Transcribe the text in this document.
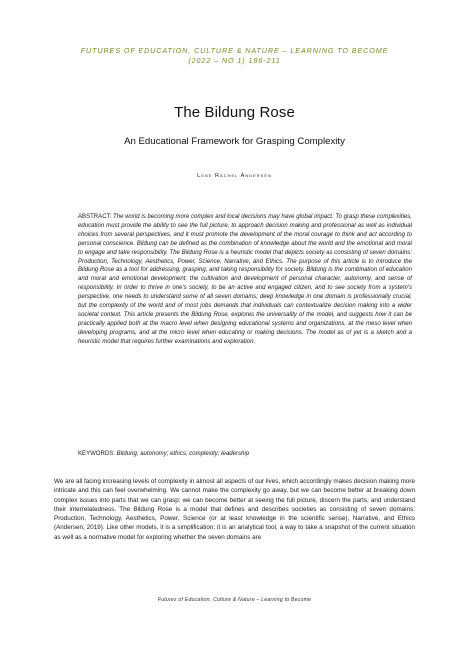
FUTURES OF EDUCATION, CULTURE & NATURE – LEARNING TO BECOME
(2022 – NO 1) 186-211
The Bildung Rose
An Educational Framework for Grasping Complexity
Lene Rachel Andersen
ABSTRACT: The world is becoming more complex and local decisions may have global impact. To grasp these complexities, education must provide the ability to see the full picture, to approach decision making and professional as well as individual choices from several perspectives, and it must promote the development of the moral courage to think and act according to personal conscience. Bildung can be defined as the combination of knowledge about the world and the emotional and moral to engage and take responsibility. The Bildung Rose is a heuristic model that depicts society as consisting of seven domains: Production, Technology, Aesthetics, Power, Science, Narrative, and Ethics. The purpose of this article is to introduce the Bildung Rose as a tool for addressing, grasping, and taking responsibility for society. Bildung is the combination of education and moral and emotional development; the cultivation and development of personal character, autonomy, and sense of responsibility. In order to thrive in one's society, to be an active and engaged citizen, and to see society from a system's perspective, one needs to understand some of all seven domains; deep knowledge in one domain is professionally crucial, but the complexity of the world and of most jobs demands that individuals can contextualize decision making into a wider societal context. This article presents the Bildung Rose, explores the universality of the model, and suggests how it can be practically applied both at the macro level when designing educational systems and organizations, at the meso level when developing programs, and at the micro level when educating or making decisions. The model as of yet is a sketch and a heuristic model that requires further examinations and exploration.
KEYWORDS: Bildung; autonomy; ethics; complexity; leadership
We are all facing increasing levels of complexity in almost all aspects of our lives, which accordingly makes decision making more intricate and this can feel overwhelming. We cannot make the complexity go away, but we can become better at breaking down complex issues into parts that we can grasp; we can become better at seeing the full picture, discern the parts, and understand their interrelatedness. The Bildung Rose is a model that defines and describes societies as consisting of seven domains: Production, Technology, Aesthetics, Power, Science (or at least knowledge in the scientific sense), Narrative, and Ethics (Andersen, 2019). Like other models, it is a simplification; it is an analytical tool, a way to take a snapshot of the current situation as well as a normative model for exploring whether the seven domains are
Futures of Education, Culture & Nature – Learning to Become
